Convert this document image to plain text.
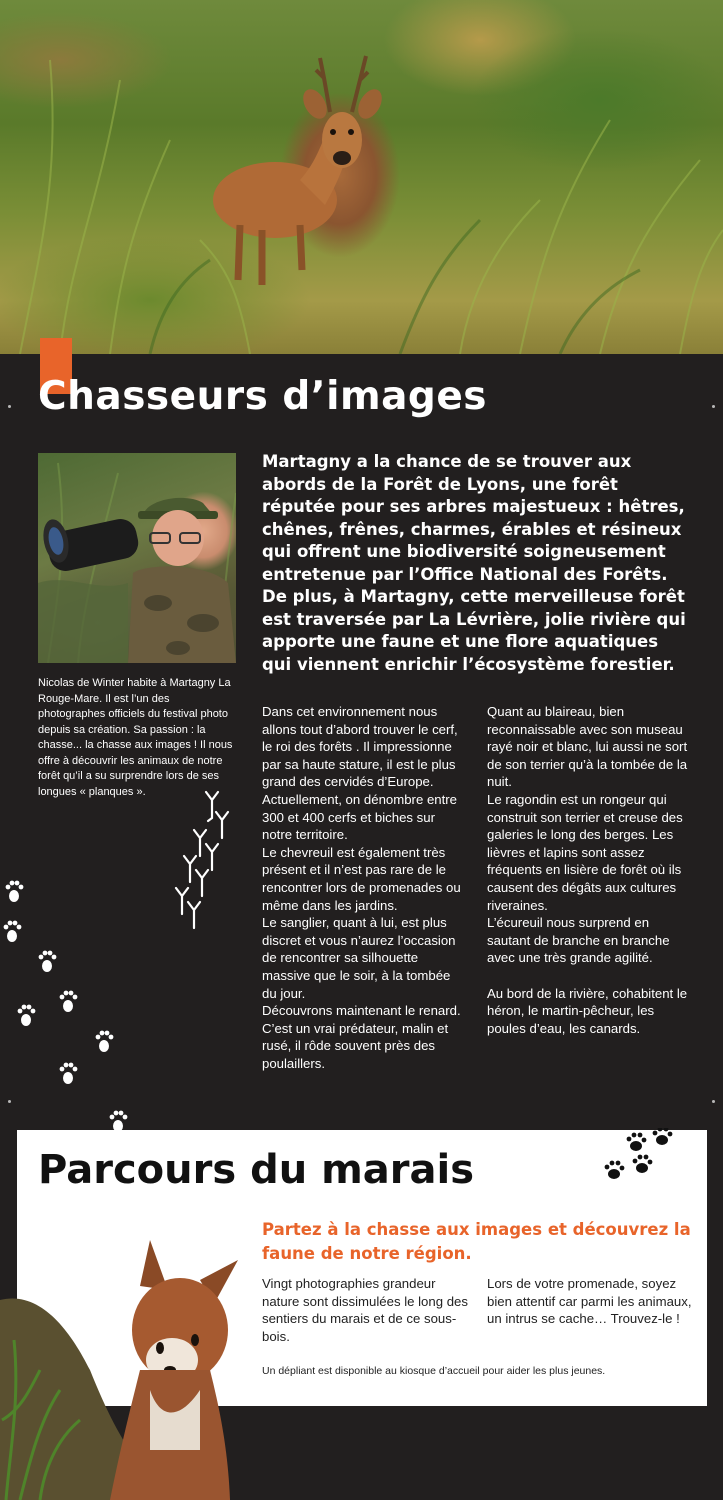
Chasseurs d’images

Nicolas de Winter habite à Martagny La Rouge-Mare. Il est l’un des photographes officiels du festival photo depuis sa création. Sa passion : la chasse... la chasse aux images ! Il nous offre à découvrir les animaux de notre forêt qu’il a su surprendre lors de ses longues « planques ».

Martagny a la chance de se trouver aux abords de la Forêt de Lyons, une forêt réputée pour ses arbres majestueux : hêtres, chênes, frênes, charmes, érables et résineux qui offrent une biodiversité soigneusement entretenue par l’Office National des Forêts.
De plus, à Martagny, cette merveilleuse forêt est traversée par La Lévrière, jolie rivière qui apporte une faune et une flore aquatiques qui viennent enrichir l’écosystème forestier.

Dans cet environnement nous allons tout d’abord trouver le cerf, le roi des forêts . Il impressionne par sa haute stature, il est le plus grand des cervidés d’Europe. Actuellement, on dénombre entre 300 et 400 cerfs et biches sur notre territoire.

Le chevreuil est également très présent et il n’est pas rare de le rencontrer lors de promenades ou même dans les jardins.

Le sanglier, quant à lui, est plus discret et vous n’aurez l’occasion de rencontrer sa silhouette massive que le soir, à la tombée du jour.

Découvrons maintenant le renard. C’est un vrai prédateur, malin et rusé, il rôde souvent près des poulaillers.

Quant au blaireau, bien reconnaissable avec son museau rayé noir et blanc, lui aussi ne sort de son terrier qu’à la tombée de la nuit.

Le ragondin est un rongeur qui construit son terrier et creuse des galeries le long des berges. Les lièvres et lapins sont assez fréquents en lisière de forêt où ils causent des dégâts aux cultures riveraines.

L’écureuil nous surprend en sautant de branche en branche avec une très grande agilité.

Au bord de la rivière, cohabitent le héron, le martin-pêcheur, les poules d’eau, les canards.

Parcours du marais

Partez à la chasse aux images et découvrez la faune de notre région.

Vingt photographies grandeur nature sont dissimulées le long des sentiers du marais et de ce sous-bois.

Lors de votre promenade, soyez bien attentif car parmi les animaux, un intrus se cache… Trouvez-le !

Un dépliant est disponible au kiosque d’accueil pour aider les plus jeunes.
